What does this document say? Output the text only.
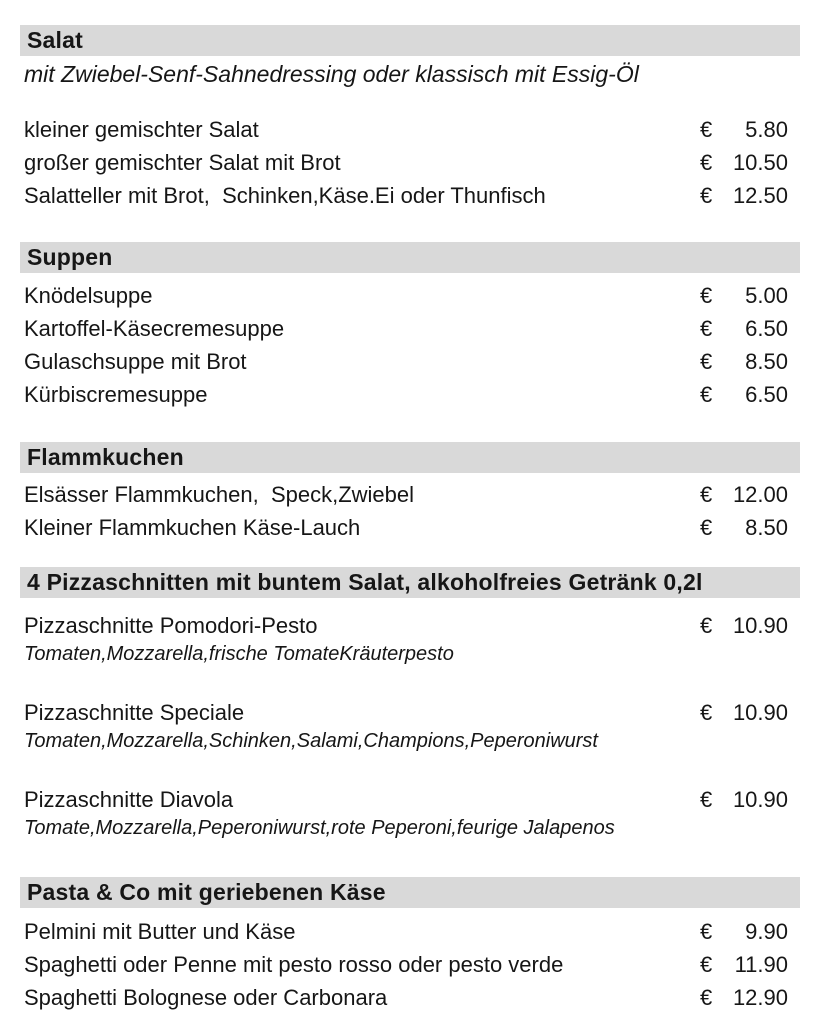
Salat
mit Zwiebel-Senf-Sahnedressing oder klassisch mit Essig-Öl
kleiner gemischter Salat	€ 5.80
großer gemischter Salat mit Brot	€ 10.50
Salatteller mit Brot,  Schinken,Käse.Ei oder Thunfisch	€ 12.50
Suppen
Knödelsuppe	€ 5.00
Kartoffel-Käsecremesuppe	€ 6.50
Gulaschsuppe mit Brot	€ 8.50
Kürbiscremesuppe	€ 6.50
Flammkuchen
Elsässer Flammkuchen,  Speck,Zwiebel	€ 12.00
Kleiner Flammkuchen Käse-Lauch	€ 8.50
4 Pizzaschnitten mit buntem Salat, alkoholfreies Getränk 0,2l
Pizzaschnitte Pomodori-Pesto	€ 10.90
Tomaten,Mozzarella,frische TomateKräuterpesto
Pizzaschnitte Speciale	€ 10.90
Tomaten,Mozzarella,Schinken,Salami,Champions,Peperoniwurst
Pizzaschnitte Diavola	€ 10.90
Tomate,Mozzarella,Peperoniwurst,rote Peperoni,feurige Jalapenos
Pasta & Co mit geriebenen Käse
Pelmini mit Butter und Käse	€ 9.90
Spaghetti oder Penne mit pesto rosso oder pesto verde	€ 11.90
Spaghetti Bolognese oder Carbonara	€ 12.90
